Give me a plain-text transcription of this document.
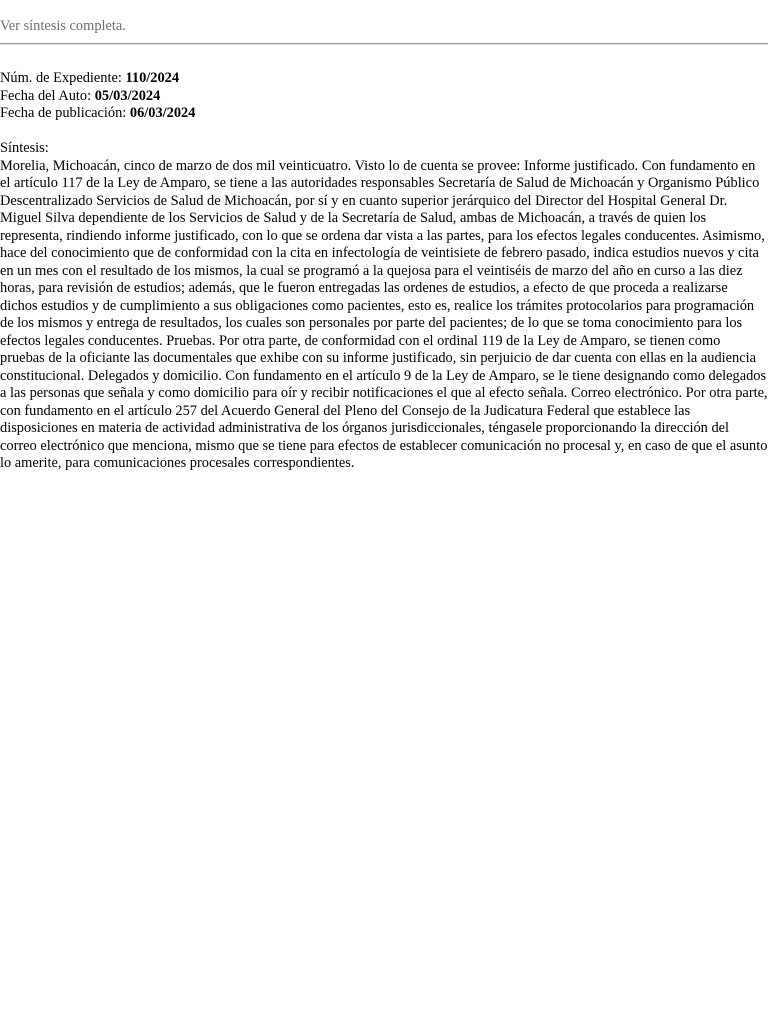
Ver síntesis completa.
Núm. de Expediente: 110/2024
Fecha del Auto: 05/03/2024
Fecha de publicación: 06/03/2024
Síntesis:

Morelia, Michoacán, cinco de marzo de dos mil veinticuatro. Visto lo de cuenta se provee: Informe justificado. Con fundamento en el artículo 117 de la Ley de Amparo, se tiene a las autoridades responsables Secretaría de Salud de Michoacán y Organismo Público Descentralizado Servicios de Salud de Michoacán, por sí y en cuanto superior jerárquico del Director del Hospital General Dr. Miguel Silva dependiente de los Servicios de Salud y de la Secretaría de Salud, ambas de Michoacán, a través de quien los representa, rindiendo informe justificado, con lo que se ordena dar vista a las partes, para los efectos legales conducentes. Asimismo, hace del conocimiento que de conformidad con la cita en infectología de veintisiete de febrero pasado, indica estudios nuevos y cita en un mes con el resultado de los mismos, la cual se programó a la quejosa para el veintiséis de marzo del año en curso a las diez horas, para revisión de estudios; además, que le fueron entregadas las ordenes de estudios, a efecto de que proceda a realizarse dichos estudios y de cumplimiento a sus obligaciones como pacientes, esto es, realice los trámites protocolarios para programación de los mismos y entrega de resultados, los cuales son personales por parte del pacientes; de lo que se toma conocimiento para los efectos legales conducentes. Pruebas. Por otra parte, de conformidad con el ordinal 119 de la Ley de Amparo, se tienen como pruebas de la oficiante las documentales que exhibe con su informe justificado, sin perjuicio de dar cuenta con ellas en la audiencia constitucional. Delegados y domicilio. Con fundamento en el artículo 9 de la Ley de Amparo, se le tiene designando como delegados a las personas que señala y como domicilio para oír y recibir notificaciones el que al efecto señala. Correo electrónico. Por otra parte, con fundamento en el artículo 257 del Acuerdo General del Pleno del Consejo de la Judicatura Federal que establece las disposiciones en materia de actividad administrativa de los órganos jurisdiccionales, téngasele proporcionando la dirección del correo electrónico que menciona, mismo que se tiene para efectos de establecer comunicación no procesal y, en caso de que el asunto lo amerite, para comunicaciones procesales correspondientes.
